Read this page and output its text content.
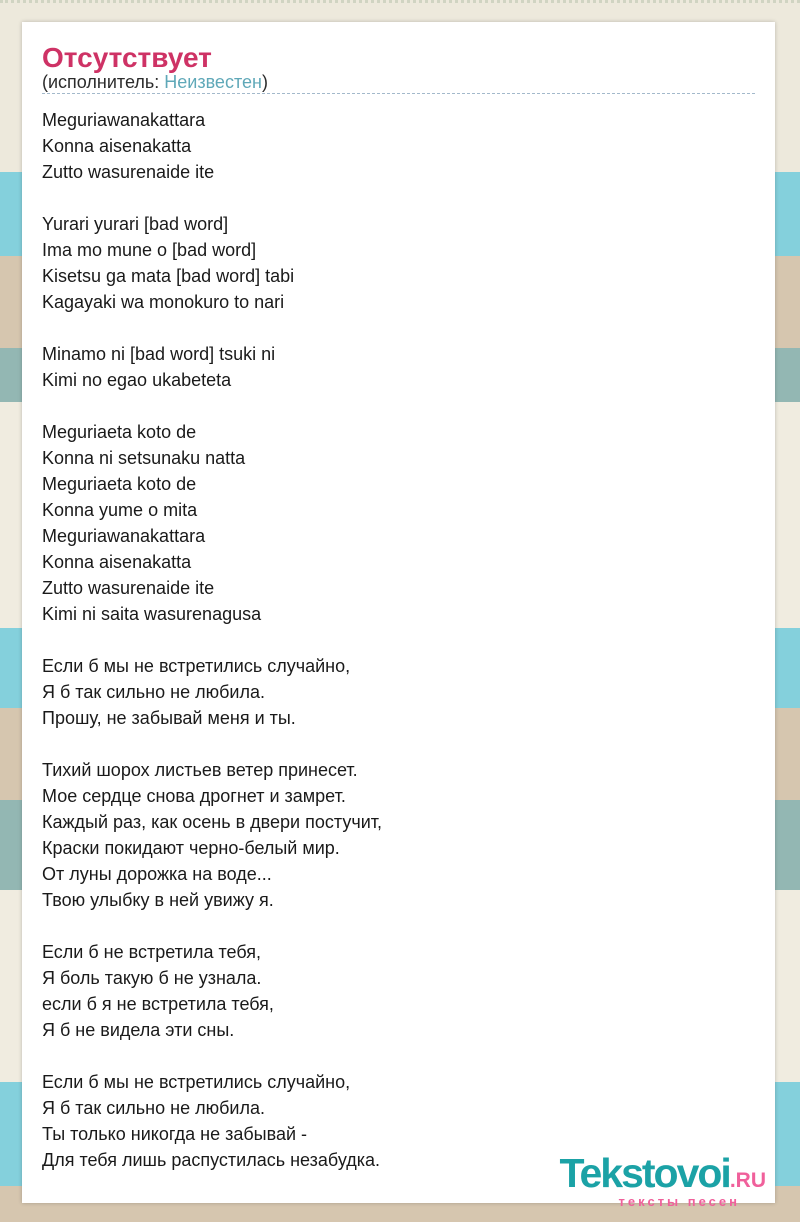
Отсутствует
(исполнитель: Неизвестен)
Meguriawanakattara
Konna aisenakatta
Zutto wasurenaide ite
Yurari yurari [bad word]
Ima mo mune o [bad word]
Kisetsu ga mata [bad word] tabi
Kagayaki wa monokuro to nari
Minamo ni [bad word] tsuki ni
Kimi no egao ukabeteta
Meguriaeta koto de
Konna ni setsunaku natta
Meguriaeta koto de
Konna yume o mita
Meguriawanakattara
Konna aisenakatta
Zutto wasurenaide ite
Kimi ni saita wasurenagusa
Если б мы не встретились случайно,
Я б так сильно не любила.
Прошу, не забывай меня и ты.
Тихий шорох листьев ветер принесет.
Мое сердце снова дрогнет и замрет.
Каждый раз, как осень в двери постучит,
Краски покидают черно-белый мир.
От луны дорожка на воде...
Твою улыбку в ней увижу я.
Если б не встретила тебя,
Я боль такую б не узнала.
если б я не встретила тебя,
Я б не видела эти сны.
Если б мы не встретились случайно,
Я б так сильно не любила.
Ты только никогда не забывай -
Для тебя лишь распустилась незабудка.	Tekstovoi.RU
тексты песен
